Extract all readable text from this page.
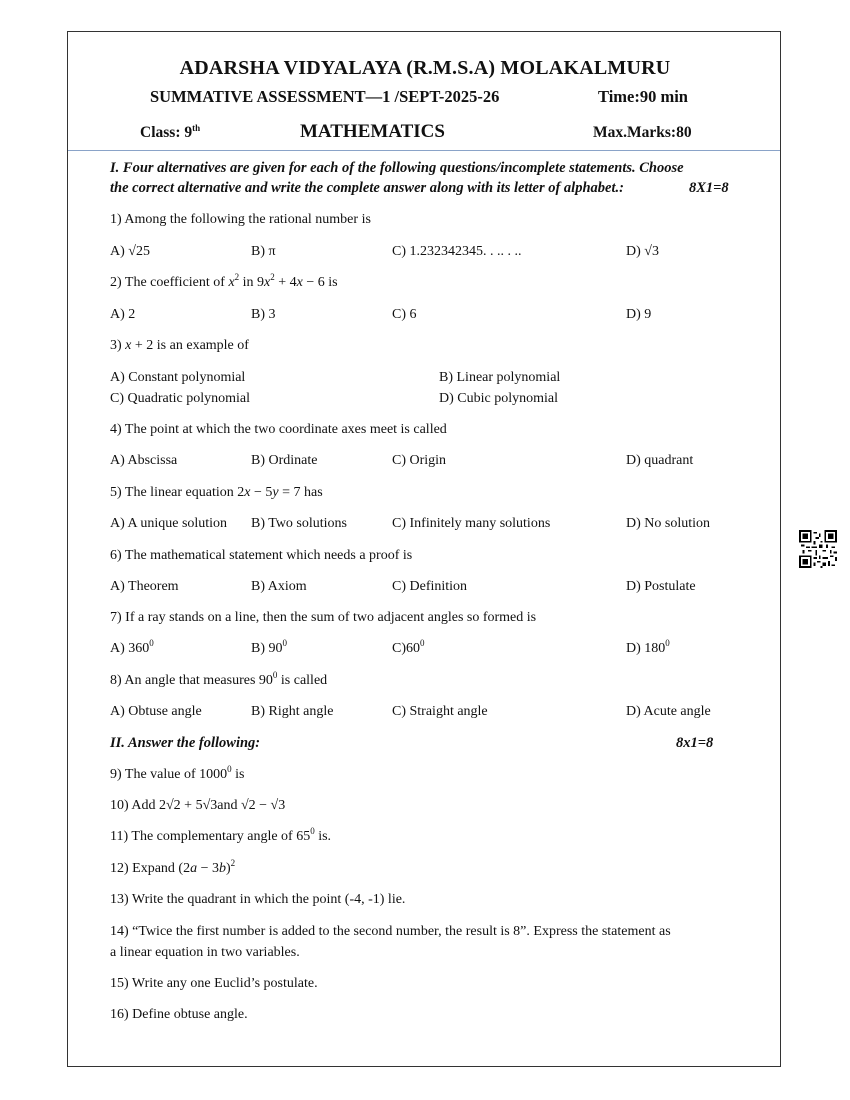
ADARSHA VIDYALAYA (R.M.S.A) MOLAKALMURU
SUMMATIVE ASSESSMENT—1 /SEPT-2025-26	Time:90 min
Class: 9th	MATHEMATICS	Max.Marks:80
I. Four alternatives are given for each of the following questions/incomplete statements. Choose
the correct alternative and write the complete answer along with its letter of alphabet.:	8X1=8
1) Among the following the rational number is
A) √25	B) π	C) 1.232342345. . .. . ..	D) √3
2) The coefficient of $x^2$ in $9x^2 + 4x - 6$ is
A) 2	B) 3	C) 6	D) 9
3) x + 2 is an example of
A) Constant polynomial	B) Linear polynomial
C) Quadratic polynomial	D) Cubic polynomial
4) The point at which the two coordinate axes meet is called
A) Abscissa	B) Ordinate	C) Origin	D) quadrant
5) The linear equation 2x − 5y = 7 has
A) A unique solution B) Two solutions	C) Infinitely many solutions	D) No solution
6) The mathematical statement which needs a proof is
A) Theorem	B) Axiom	C) Definition	D) Postulate
7) If a ray stands on a line, then the sum of two adjacent angles so formed is
A) $360^0$	B) $90^0$	$C)60^0$	D) $180^0$
8) An angle that measures $90^0$ is called
A) Obtuse angle	B) Right angle	C) Straight angle	D) Acute angle
II. Answer the following:	8x1=8
9) The value of 1000$^0$ is
10) Add 2√2 + 5√3and √2 − √3
11) The complementary angle of $65^0$ is.
12) Expand $(2a - 3b)^2$
13) Write the quadrant in which the point (-4, -1) lie.
14) “Twice the first number is added to the second number, the result is 8”. Express the statement as
a linear equation in two variables.
15) Write any one Euclid’s postulate.
16) Define obtuse angle.
